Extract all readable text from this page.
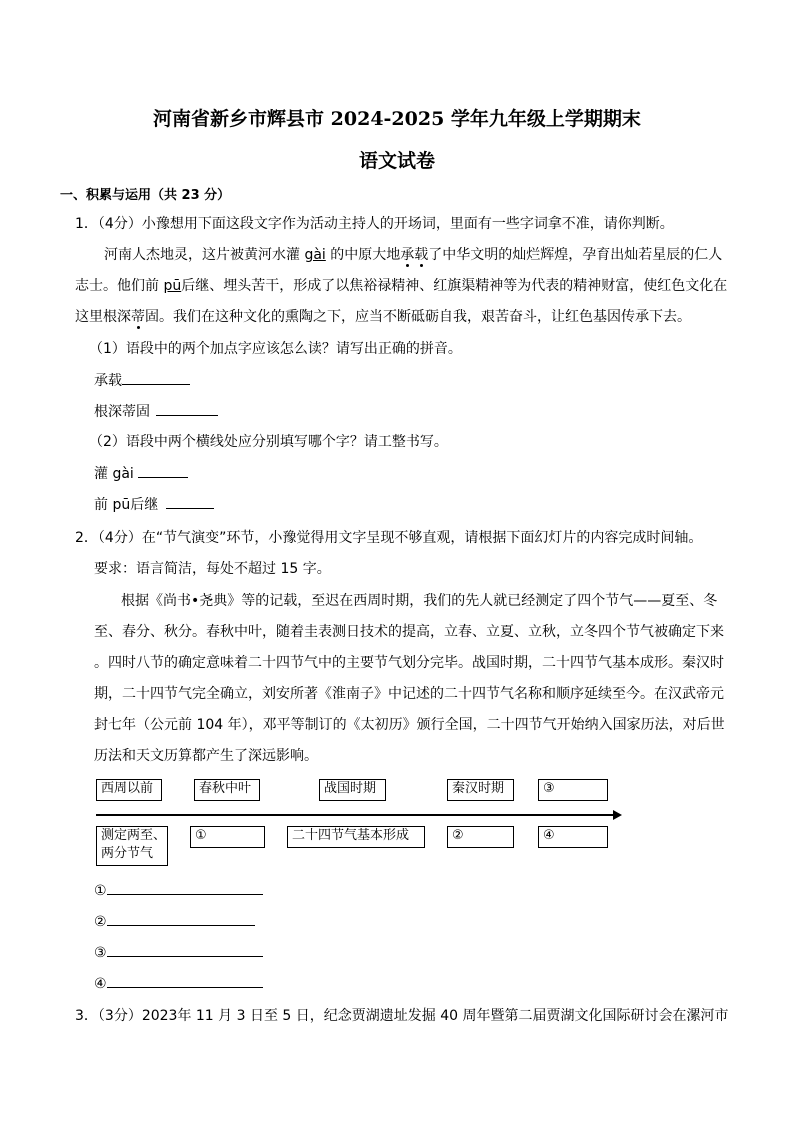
河南省新乡市辉县市 2024-2025 学年九年级上学期期末
语文试卷
一、积累与运用（共 23 分）
1．（4分）小豫想用下面这段文字作为活动主持人的开场词，里面有一些字词拿不准，请你判断。
河南人杰地灵，这片被黄河水灌 gài 的中原大地承载了中华文明的灿烂辉煌，孕育出灿若星辰的仁人
志士。他们前 pū后继、埋头苦干，形成了以焦裕禄精神、红旗渠精神等为代表的精神财富，使红色文化在
这里根深蒂固。我们在这种文化的熏陶之下，应当不断砥砺自我，艰苦奋斗，让红色基因传承下去。
（1）语段中的两个加点字应该怎么读？请写出正确的拼音。
承载
根深蒂固
（2）语段中两个横线处应分别填写哪个字？请工整书写。
灌 gài
前 pū后继
2．（4分）在“节气演变”环节，小豫觉得用文字呈现不够直观，请根据下面幻灯片的内容完成时间轴。
要求：语言简洁，每处不超过 15 字。
根据《尚书•尧典》等的记载，至迟在西周时期，我们的先人就已经测定了四个节气——夏至、冬
至、春分、秋分。春秋中叶，随着圭表测日技术的提高，立春、立夏、立秋，立冬四个节气被确定下来
。四时八节的确定意味着二十四节气中的主要节气划分完毕。战国时期，二十四节气基本成形。秦汉时
期，二十四节气完全确立，刘安所著《淮南子》中记述的二十四节气名称和顺序延续至今。在汉武帝元
封七年（公元前 104 年），邓平等制订的《太初历》颁行全国，二十四节气开始纳入国家历法，对后世
历法和天文历算都产生了深远影响。
西周以前	春秋中叶	战国时期	秦汉时期	③
测定两至、
两分节气
①	二十四节气基本形成	②	④
①
②
③
④
3．（3分）2023年 11 月 3 日至 5 日，纪念贾湖遗址发掘 40 周年暨第二届贾湖文化国际研讨会在漯河市
